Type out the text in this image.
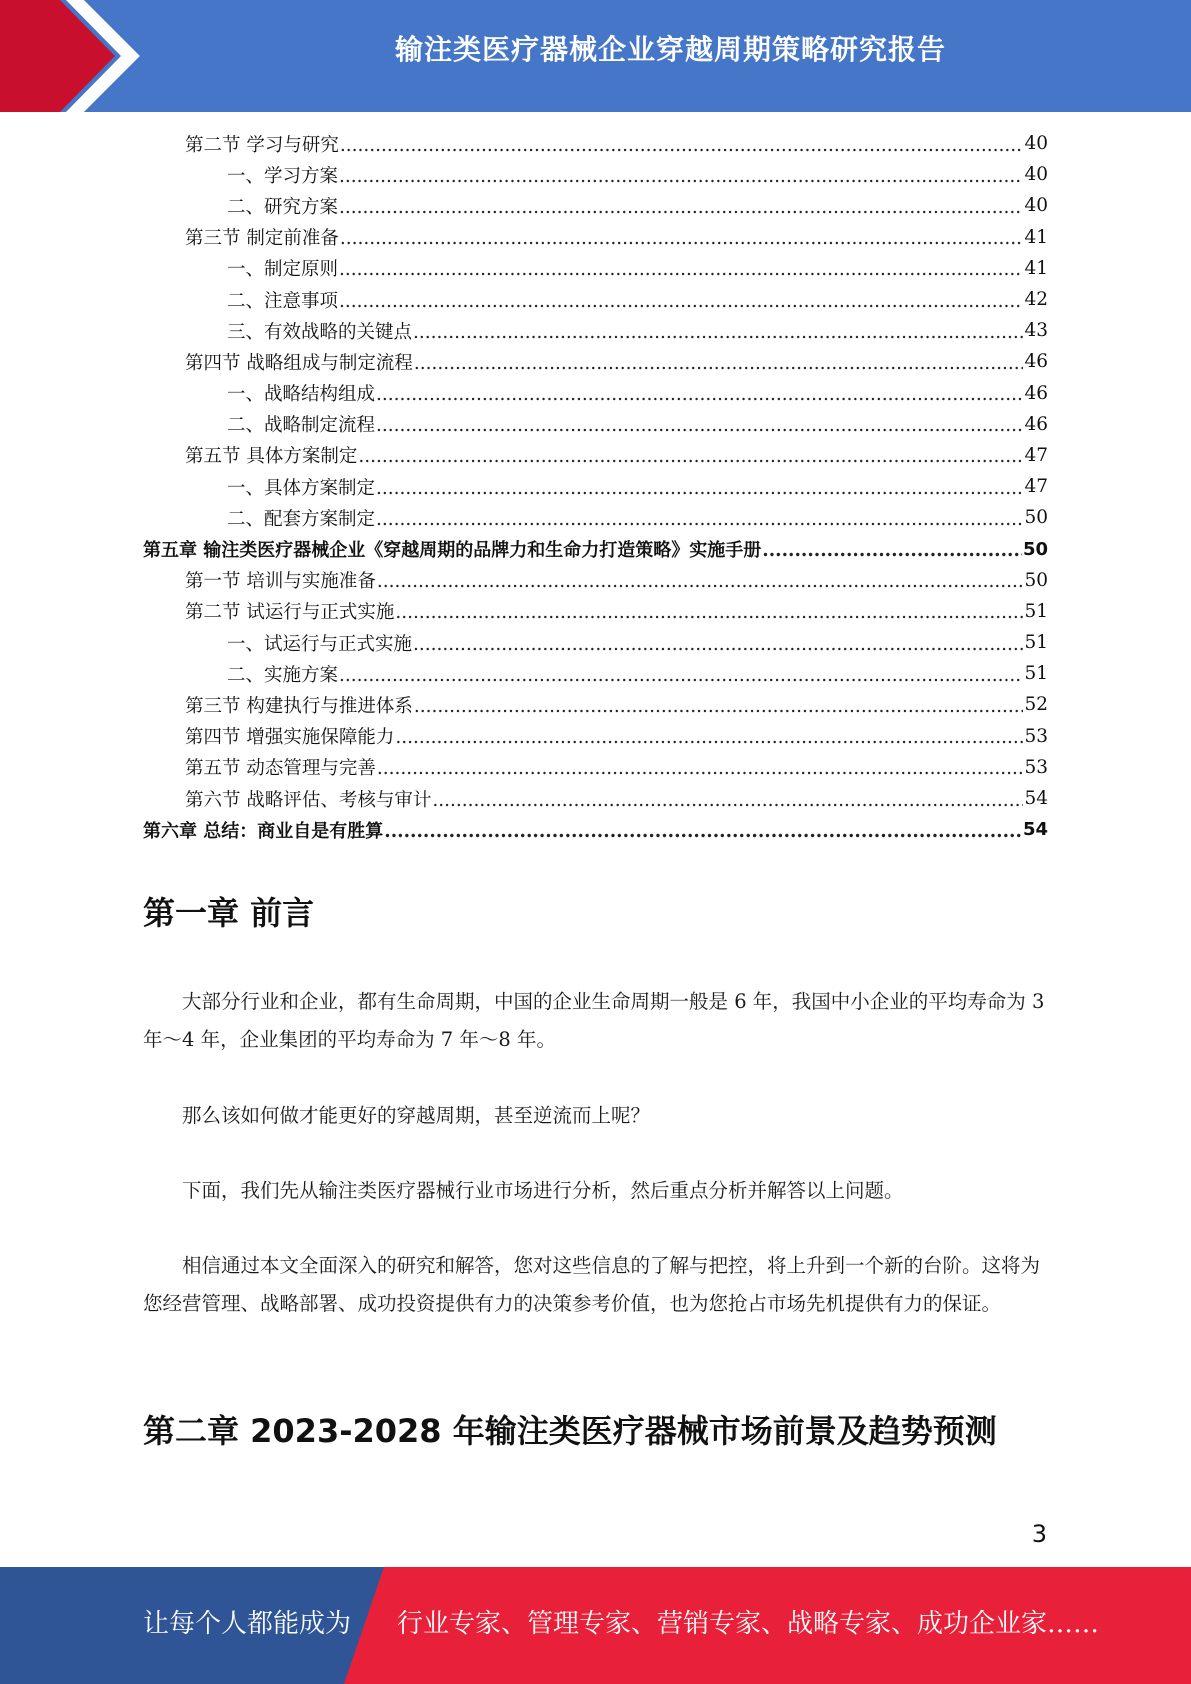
输注类医疗器械企业穿越周期策略研究报告
第二节 学习与研究 .....	40
一、学习方案 .....	40
二、研究方案 .....	40
第三节 制定前准备 .....	41
一、制定原则 .....	41
二、注意事项 .....	42
三、有效战略的关键点 .....	43
第四节 战略组成与制定流程 .....	46
一、战略结构组成 .....	46
二、战略制定流程 .....	46
第五节 具体方案制定 .....	47
一、具体方案制定 .....	47
二、配套方案制定 .....	50
第五章 输注类医疗器械企业《穿越周期的品牌力和生命力打造策略》实施手册 .....	50
第一节 培训与实施准备 .....	50
第二节 试运行与正式实施 .....	51
一、试运行与正式实施 .....	51
二、实施方案 .....	51
第三节 构建执行与推进体系 .....	52
第四节 增强实施保障能力 .....	53
第五节 动态管理与完善 .....	53
第六节 战略评估、考核与审计 .....	54
第六章 总结：商业自是有胜算 .....	54
第一章 前言
大部分行业和企业，都有生命周期，中国的企业生命周期一般是 6 年，我国中小企业的平均寿命为 3 年～4 年，企业集团的平均寿命为 7 年～8 年。
那么该如何做才能更好的穿越周期，甚至逆流而上呢？
下面，我们先从输注类医疗器械行业市场进行分析，然后重点分析并解答以上问题。
相信通过本文全面深入的研究和解答，您对这些信息的了解与把控，将上升到一个新的台阶。这将为您经营管理、战略部署、成功投资提供有力的决策参考价值，也为您抢占市场先机提供有力的保证。
第二章 2023-2028 年输注类医疗器械市场前景及趋势预测
3
让每个人都能成为 行业专家、管理专家、营销专家、战略专家、成功企业家……
